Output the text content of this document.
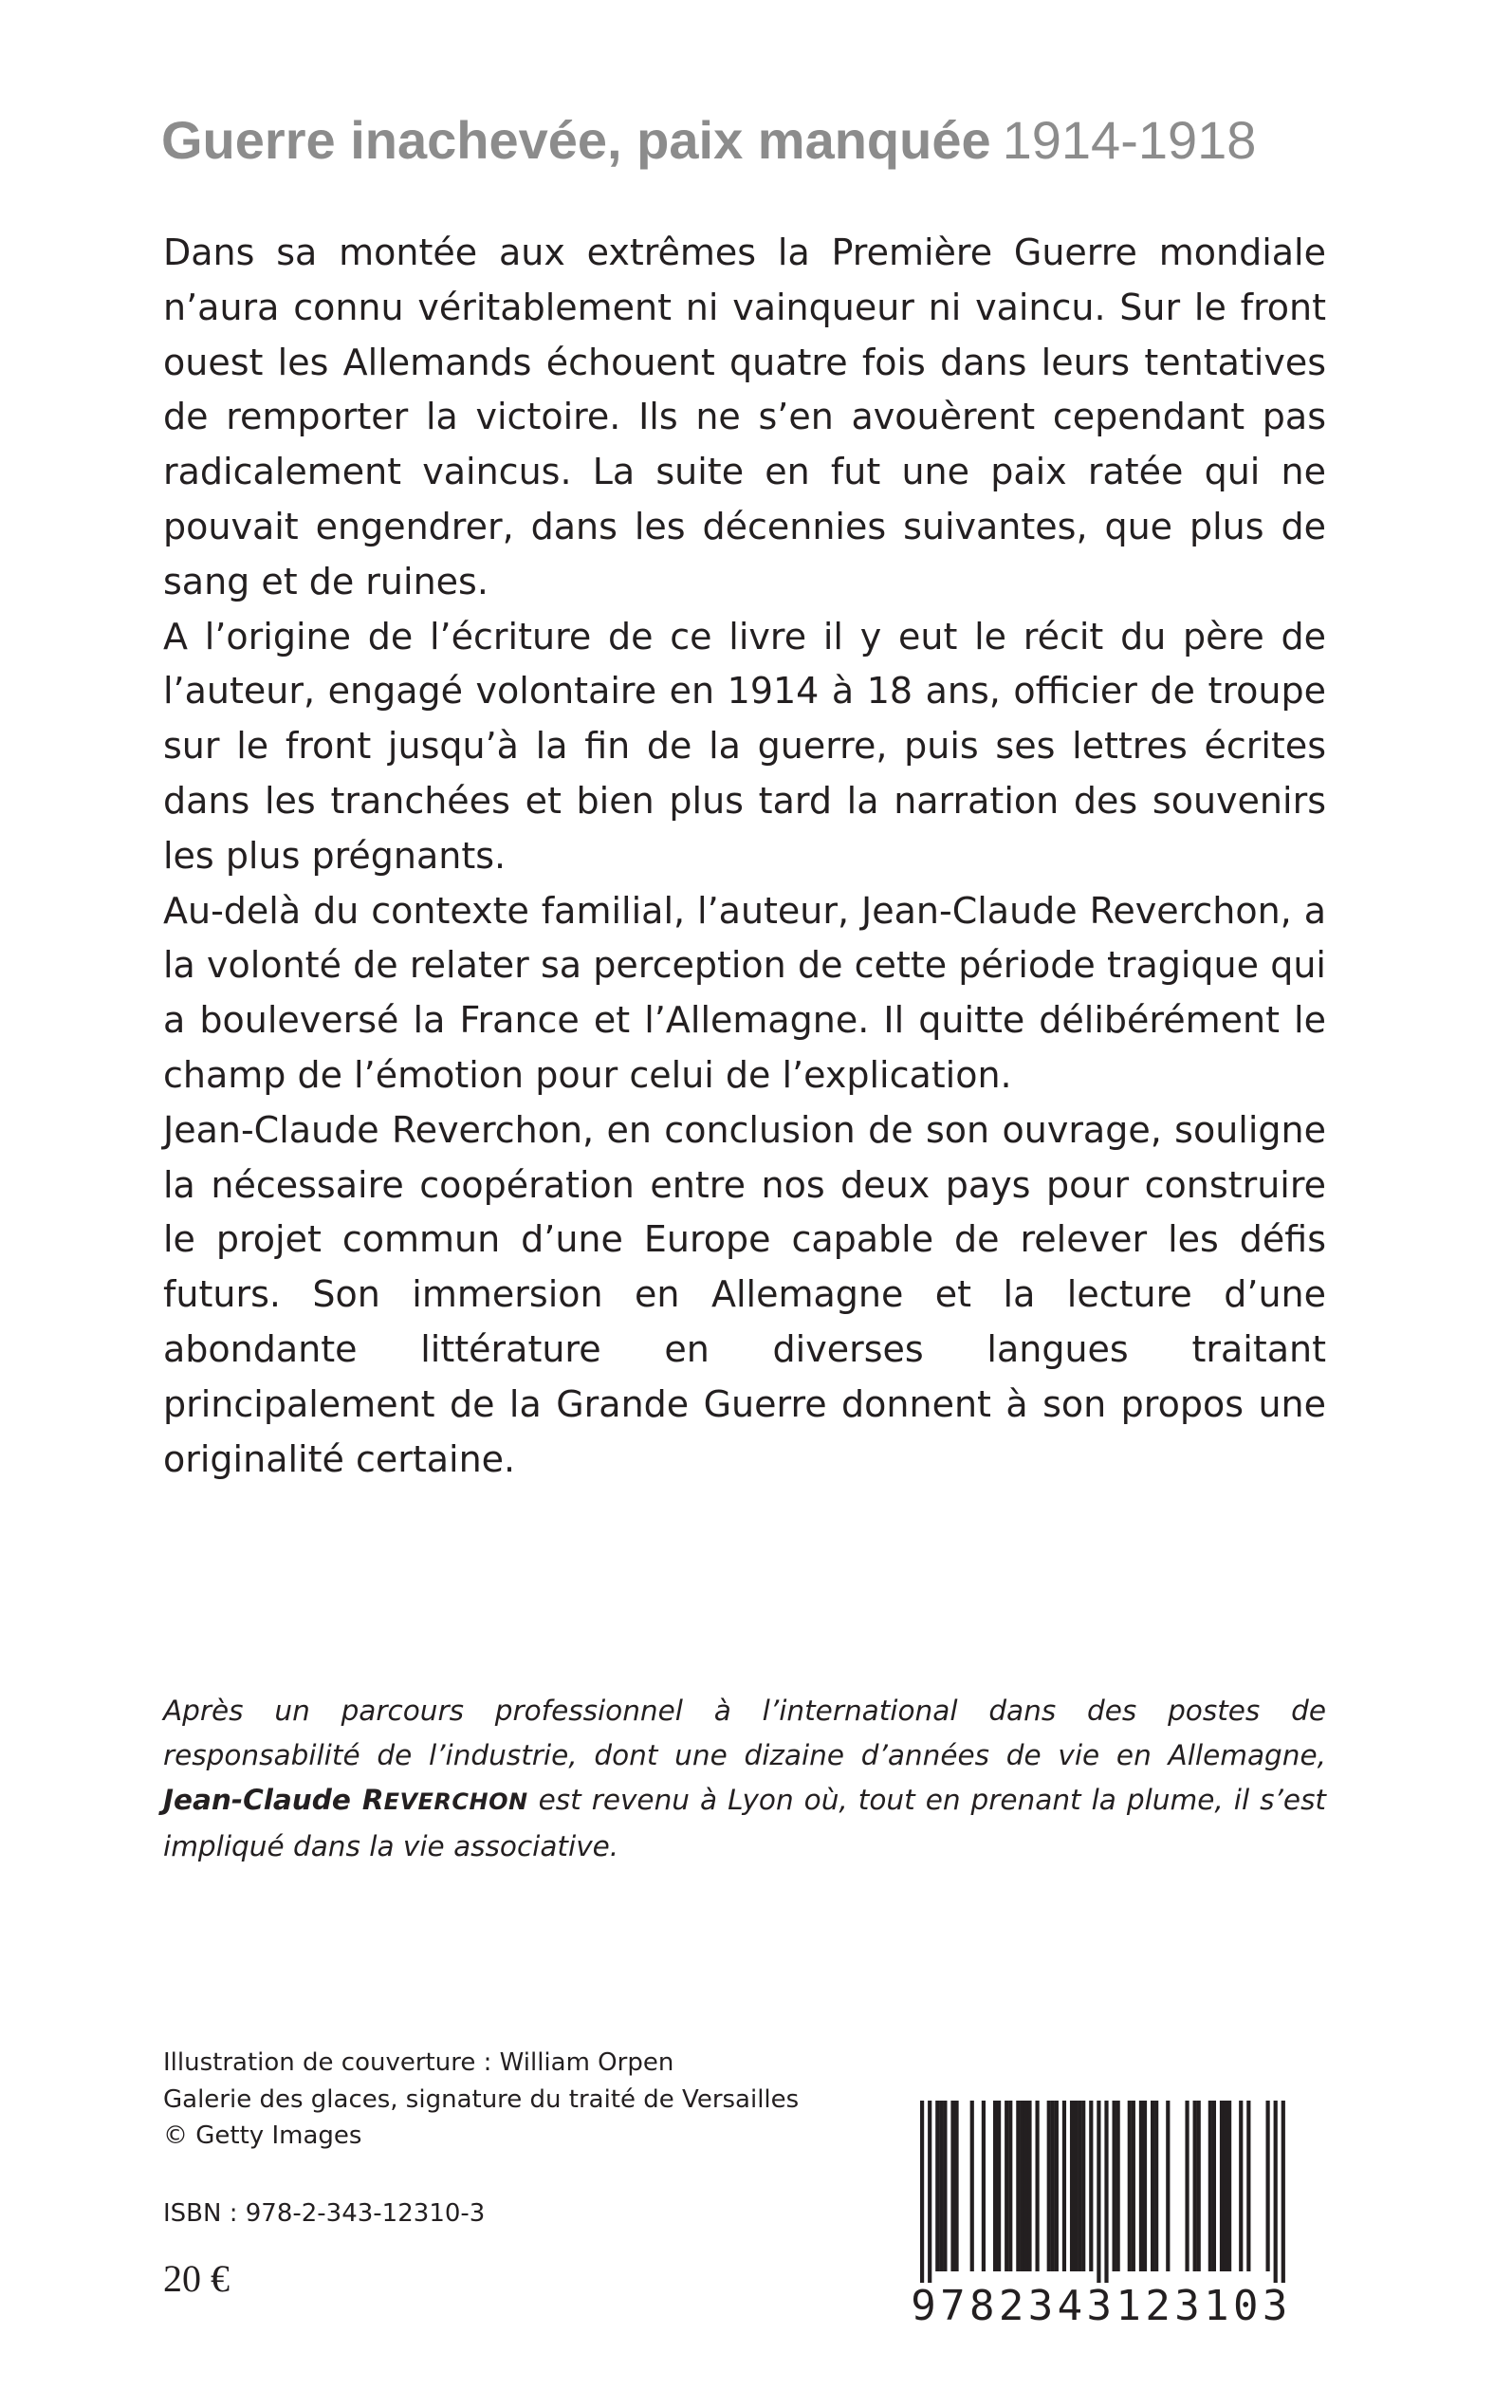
Guerre inachevée, paix manquée 1914-1918

Dans sa montée aux extrêmes la Première Guerre mondiale n’aura connu véritablement ni vainqueur ni vaincu. Sur le front ouest les Allemands échouent quatre fois dans leurs tentatives de remporter la victoire. Ils ne s’en avouèrent cependant pas radicalement vaincus. La suite en fut une paix ratée qui ne pouvait engendrer, dans les décennies suivantes, que plus de sang et de ruines.

A l’origine de l’écriture de ce livre il y eut le récit du père de l’auteur, engagé volontaire en 1914 à 18 ans, officier de troupe sur le front jusqu’à la fin de la guerre, puis ses lettres écrites dans les tranchées et bien plus tard la narration des souvenirs les plus prégnants.

Au-delà du contexte familial, l’auteur, Jean-Claude Reverchon, a la volonté de relater sa perception de cette période tragique qui a bouleversé la France et l’Allemagne. Il quitte délibérément le champ de l’émotion pour celui de l’explication.

Jean-Claude Reverchon, en conclusion de son ouvrage, souligne la nécessaire coopération entre nos deux pays pour construire le projet commun d’une Europe capable de relever les défis futurs. Son immersion en Allemagne et la lecture d’une abondante littérature en diverses langues traitant principalement de la Grande Guerre donnent à son propos une originalité certaine.

Après un parcours professionnel à l’international dans des postes de responsabilité de l’industrie, dont une dizaine d’années de vie en Allemagne, Jean-Claude REVERCHON est revenu à Lyon où, tout en prenant la plume, il s’est impliqué dans la vie associative.
Illustration de couverture : William Orpen
Galerie des glaces, signature du traité de Versailles
© Getty Images
ISBN : 978-2-343-12310-3
20 €
9782343123103
